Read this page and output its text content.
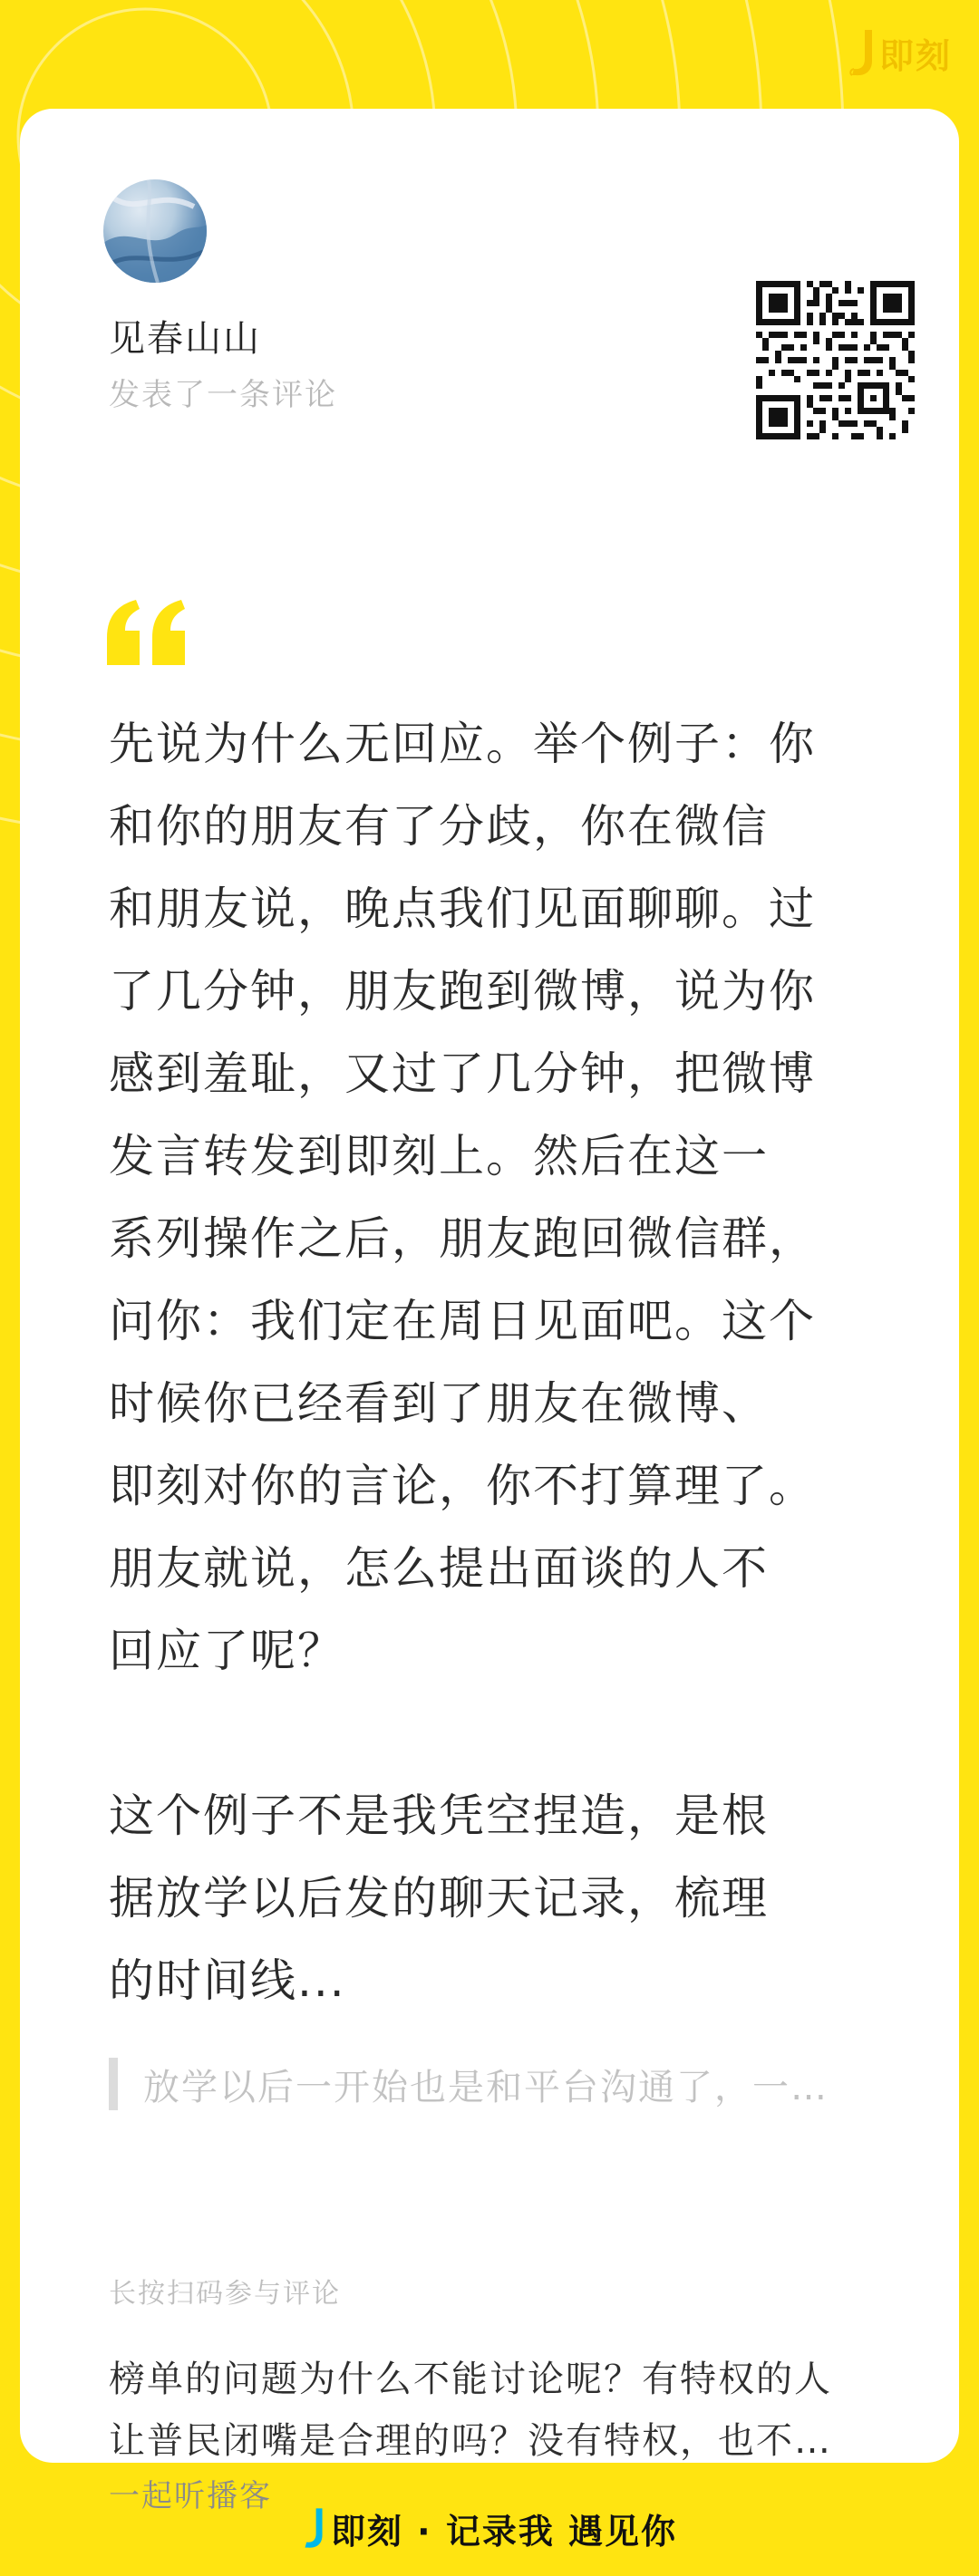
即刻
见春山山
发表了一条评论

先说为什么无回应。举个例子：你

和你的朋友有了分歧，你在微信

和朋友说，晚点我们见面聊聊。过

了几分钟，朋友跑到微博，说为你

感到羞耻，又过了几分钟，把微博

发言转发到即刻上。然后在这一

系列操作之后，朋友跑回微信群，

问你：我们定在周日见面吧。这个

时候你已经看到了朋友在微博、

即刻对你的言论，你不打算理了。

朋友就说，怎么提出面谈的人不

回应了呢？

这个例子不是我凭空捏造，是根

据放学以后发的聊天记录，梳理

的时间线...

放学以后一开始也是和平台沟通了，一…
长按扫码参与评论

榜单的问题为什么不能讨论呢？有特权的人

让普民闭嘴是合理的吗？没有特权，也不…

一起听播客
即刻 · 记录我 遇见你
